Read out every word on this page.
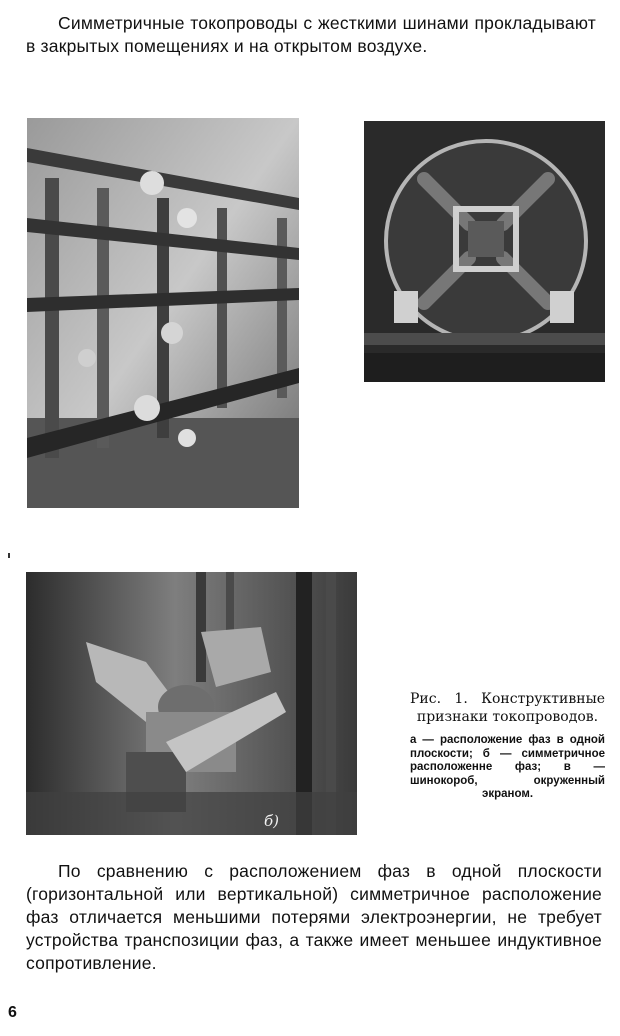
Симметричные токопроводы с жесткими шинами прокладывают в закрытых помещениях и на открытом воздухе.
б)
Рис. 1. Конструктивные признаки токопроводов.
а — расположение фаз в одной плоскости; б — симметричное расположенне фаз; в — шинокороб, окруженный экраном.
По сравнению с расположением фаз в одной плоскости (горизонтальной или вертикальной) симметричное расположение фаз отличается меньшими потерями электроэнергии, не требует устройства транспозиции фаз, а также имеет меньшее индуктивное сопротивление.
6
